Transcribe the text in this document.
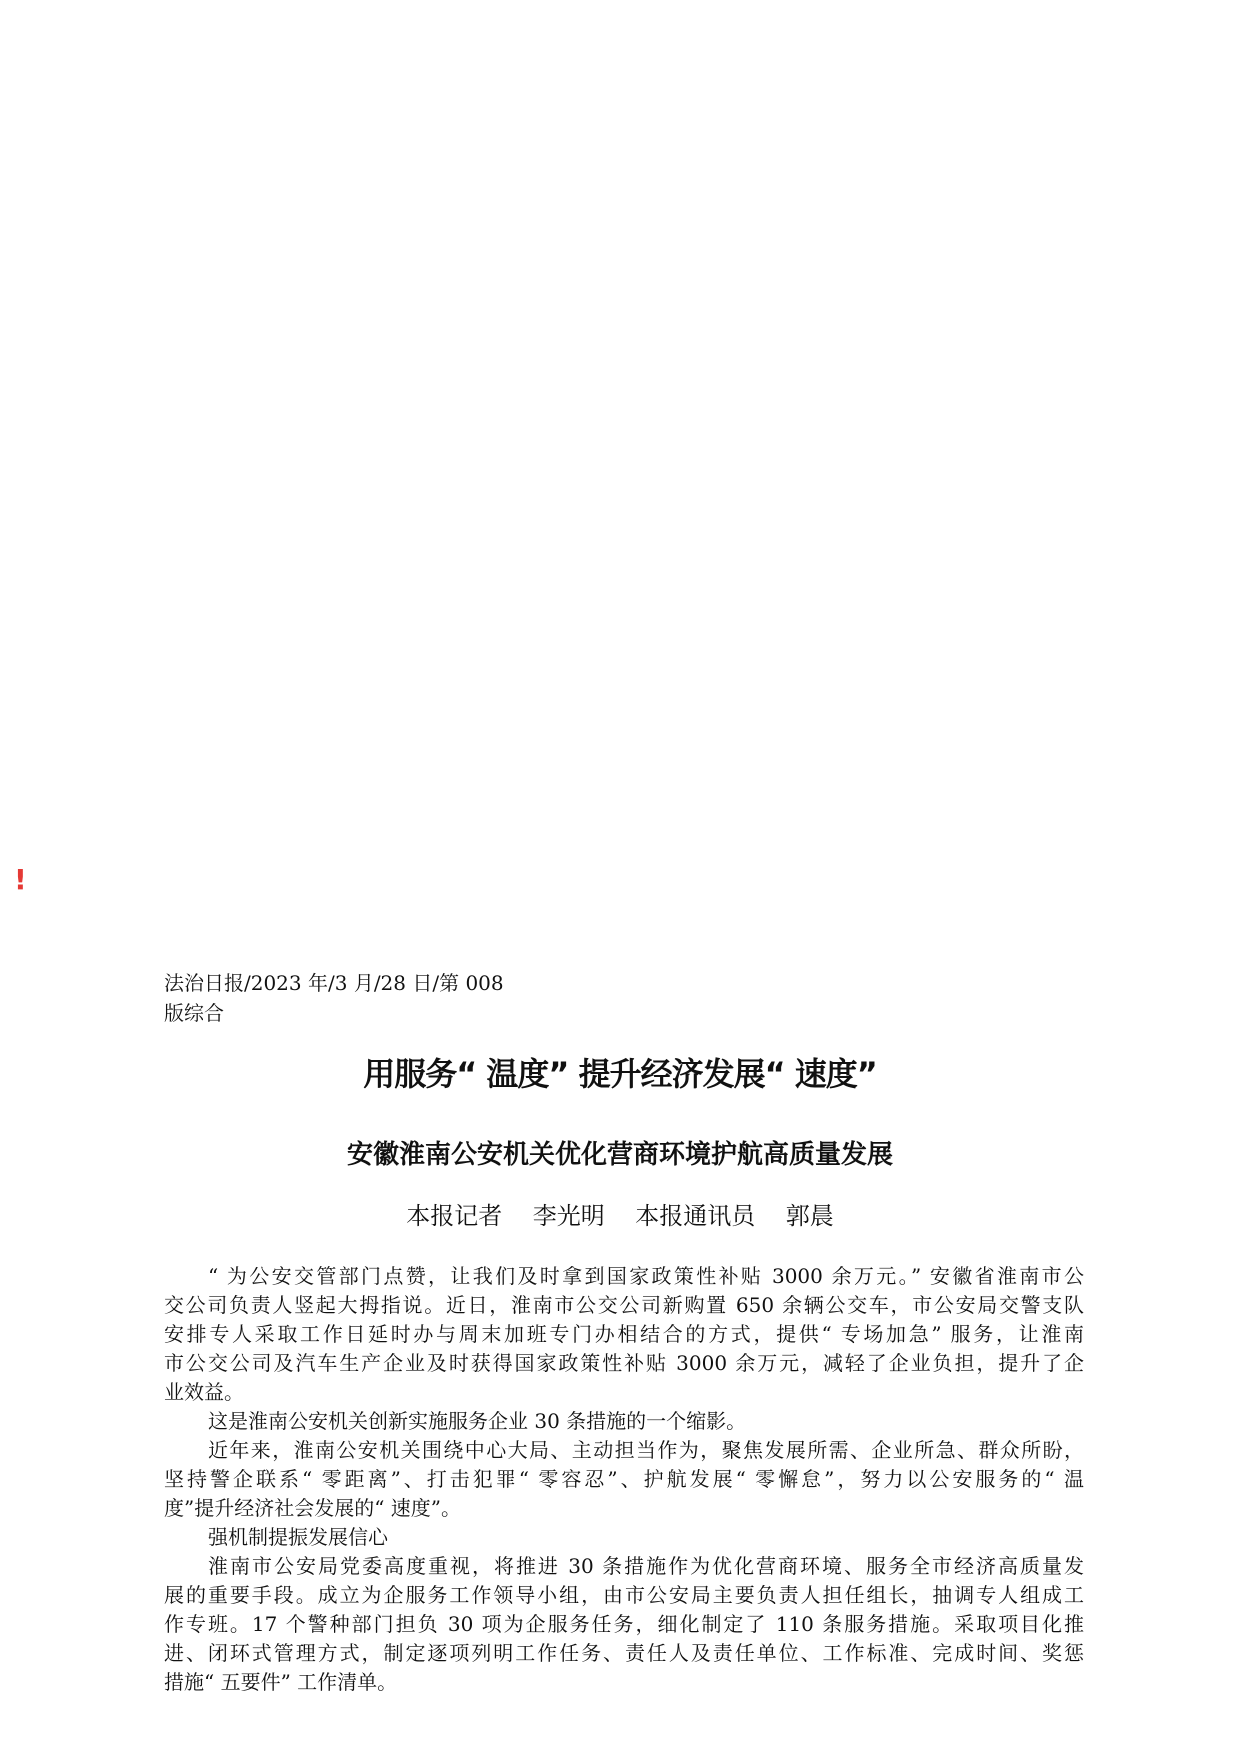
!
法治日报/2023 年/3 月/28 日/第 008
版综合
用服务“ 温度” 提升经济发展“ 速度”
安徽淮南公安机关优化营商环境护航高质量发展
本报记者    李光明    本报通讯员    郭晨
“ 为公安交管部门点赞，让我们及时拿到国家政策性补贴 3000 余万元。” 安徽省淮南市公
交公司负责人竖起大拇指说。近日，淮南市公交公司新购置 650 余辆公交车，市公安局交警支队
安排专人采取工作日延时办与周末加班专门办相结合的方式，提供“ 专场加急” 服务，让淮南
市公交公司及汽车生产企业及时获得国家政策性补贴 3000 余万元，减轻了企业负担，提升了企
业效益。
这是淮南公安机关创新实施服务企业 30 条措施的一个缩影。
近年来，淮南公安机关围绕中心大局、主动担当作为，聚焦发展所需、企业所急、群众所盼，
坚持警企联系“ 零距离”、打击犯罪“ 零容忍”、护航发展“ 零懈怠”，努力以公安服务的“ 温
度”提升经济社会发展的“ 速度”。
强机制提振发展信心
淮南市公安局党委高度重视，将推进 30 条措施作为优化营商环境、服务全市经济高质量发
展的重要手段。成立为企服务工作领导小组，由市公安局主要负责人担任组长，抽调专人组成工
作专班。17 个警种部门担负 30 项为企服务任务，细化制定了 110 条服务措施。采取项目化推
进、闭环式管理方式，制定逐项列明工作任务、责任人及责任单位、工作标准、完成时间、奖惩
措施“ 五要件” 工作清单。
